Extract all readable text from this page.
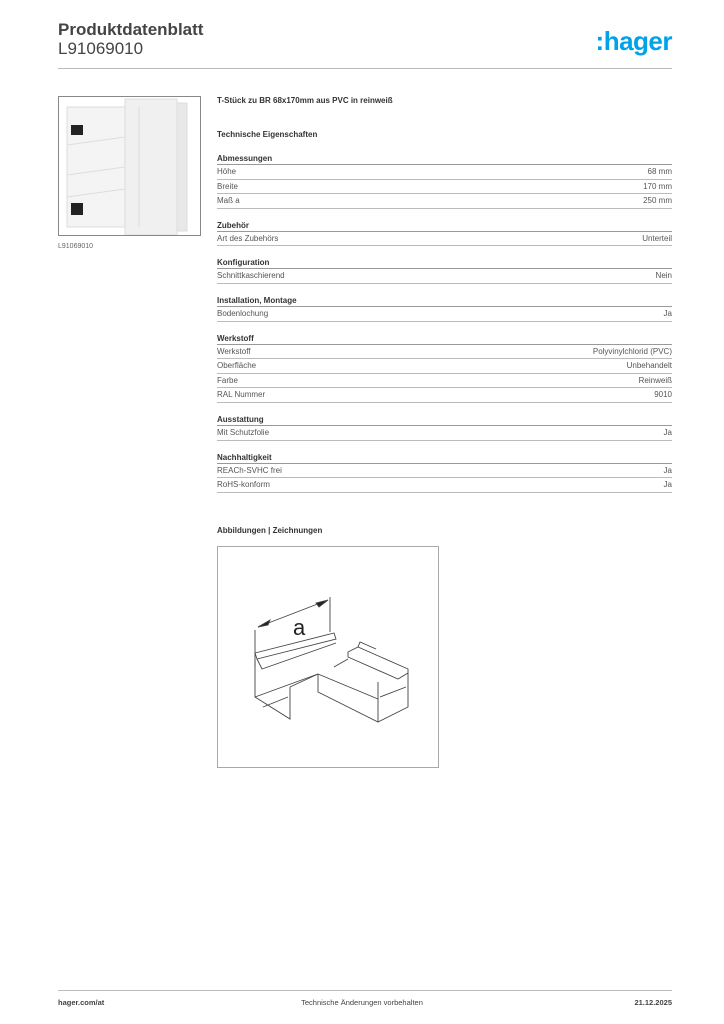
Produktdatenblatt
L91069010	:hager
L91069010
T-Stück zu BR 68x170mm aus PVC in reinweiß
Technische Eigenschaften
Abmessungen
Höhe	68 mm
Breite	170 mm
Maß a	250 mm
Zubehör
Art des Zubehörs	Unterteil
Konfiguration
Schnittkaschierend	Nein
Installation, Montage
Bodenlochung	Ja
Werkstoff
Werkstoff	Polyvinylchlorid (PVC)
Oberfläche	Unbehandelt
Farbe	Reinweiß
RAL Nummer	9010
Ausstattung
Mit Schutzfolie	Ja
Nachhaltigkeit
REACh-SVHC frei	Ja
RoHS-konform	Ja
Abbildungen | Zeichnungen
a
hager.com/at	Technische Änderungen vorbehalten	21.12.2025
